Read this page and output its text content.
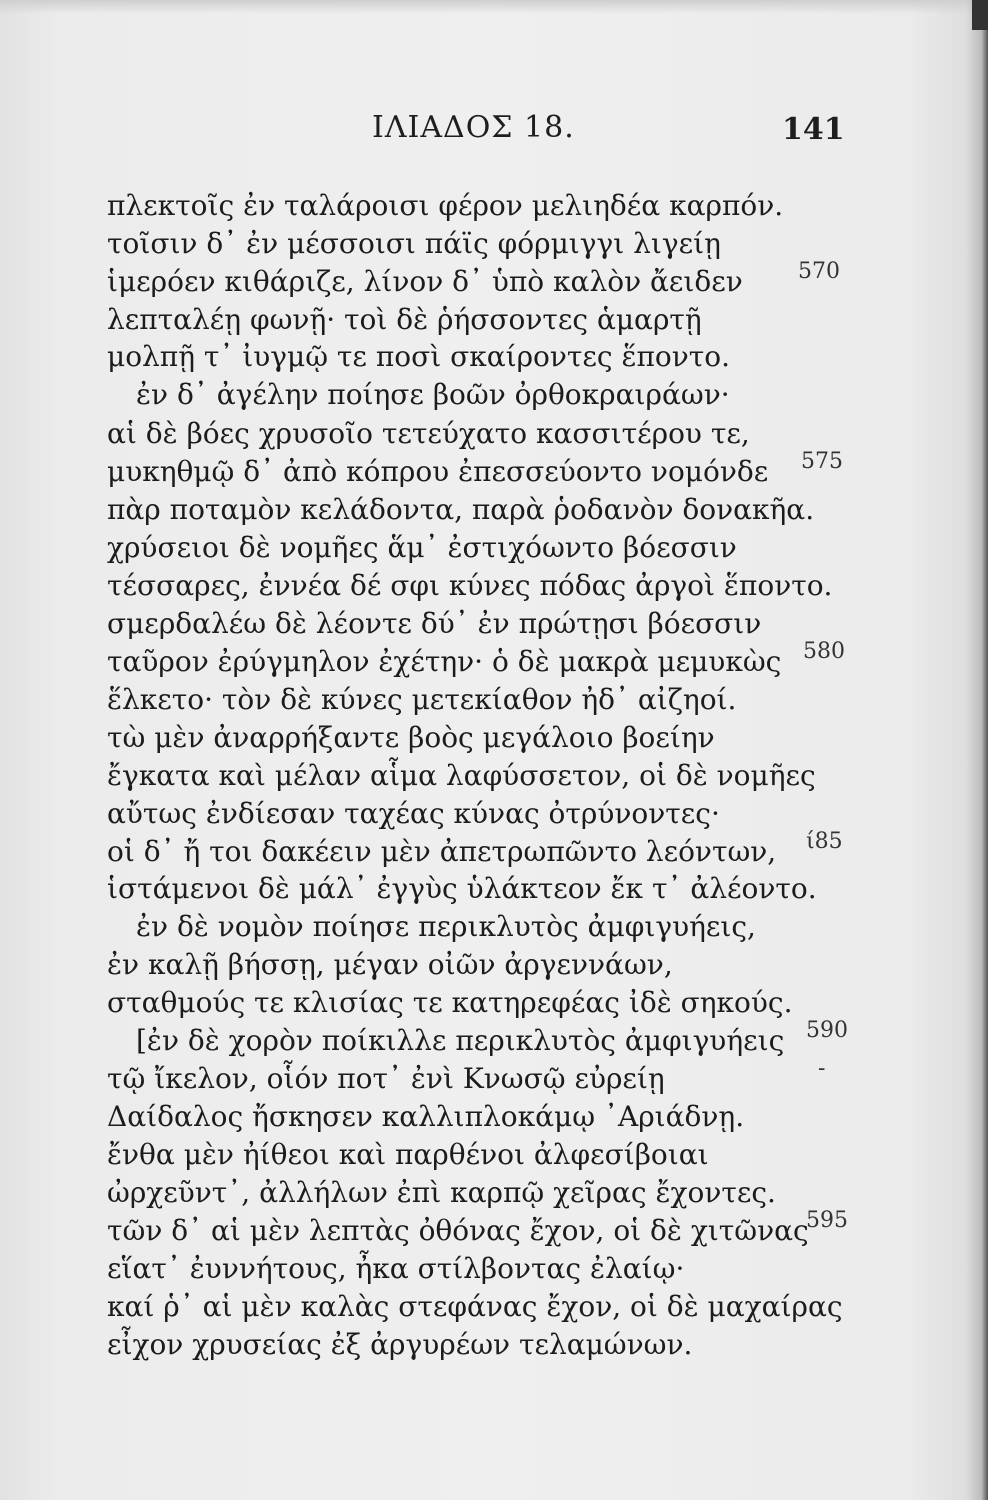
ΙΛΙΑΔΟΣ 18.	141
πλεκτοῖς ἐν ταλάροισι φέρον μελιηδέα καρπόν.
τοῖσιν δ᾽ ἐν μέσσοισι πάϊς φόρμιγγι λιγείῃ
ἱμερόεν κιθάριζε, λίνον δ᾽ ὑπὸ καλὸν ἄειδεν
λεπταλέῃ φωνῇ· τοὶ δὲ ῥήσσοντες ἁμαρτῇ
μολπῇ τ᾽ ἰυγμῷ τε ποσὶ σκαίροντες ἕποντο.
ἐν δ᾽ ἀγέλην ποίησε βοῶν ὀρθοκραιράων·
αἱ δὲ βόες χρυσοῖο τετεύχατο κασσιτέρου τε,
μυκηθμῷ δ᾽ ἀπὸ κόπρου ἐπεσσεύοντο νομόνδε
πὰρ ποταμὸν κελάδοντα, παρὰ ῥοδανὸν δονακῆα.
χρύσειοι δὲ νομῆες ἅμ᾽ ἐστιχόωντο βόεσσιν
τέσσαρες, ἐννέα δέ σφι κύνες πόδας ἀργοὶ ἕποντο.
σμερδαλέω δὲ λέοντε δύ᾽ ἐν πρώτῃσι βόεσσιν
ταῦρον ἐρύγμηλον ἐχέτην· ὁ δὲ μακρὰ μεμυκὼς
ἕλκετο· τὸν δὲ κύνες μετεκίαθον ἠδ᾽ αἰζηοί.
τὼ μὲν ἀναρρήξαντε βοὸς μεγάλοιο βοείην
ἔγκατα καὶ μέλαν αἷμα λαφύσσετον, οἱ δὲ νομῆες
αὔτως ἐνδίεσαν ταχέας κύνας ὀτρύνοντες·
οἱ δ᾽ ἤ τοι δακέειν μὲν ἀπετρωπῶντο λεόντων,
ἱστάμενοι δὲ μάλ᾽ ἐγγὺς ὑλάκτεον ἔκ τ᾽ ἀλέοντο.
ἐν δὲ νομὸν ποίησε περικλυτὸς ἀμφιγυήεις,
ἐν καλῇ βήσσῃ, μέγαν οἰῶν ἀργεννάων,
σταθμούς τε κλισίας τε κατηρεφέας ἰδὲ σηκούς.
[ἐν δὲ χορὸν ποίκιλλε περικλυτὸς ἀμφιγυήεις
τῷ ἴκελον, οἷόν ποτ᾽ ἐνὶ Κνωσῷ εὐρείῃ
Δαίδαλος ἤσκησεν καλλιπλοκάμῳ ᾽Αριάδνῃ.
ἔνθα μὲν ἠίθεοι καὶ παρθένοι ἀλφεσίβοιαι
ὠρχεῦντ᾽, ἀλλήλων ἐπὶ καρπῷ χεῖρας ἔχοντες.
τῶν δ᾽ αἱ μὲν λεπτὰς ὀθόνας ἔχον, οἱ δὲ χιτῶνας
εἵατ᾽ ἐυννήτους, ἦκα στίλβοντας ἐλαίῳ·
καί ῥ᾽ αἱ μὲν καλὰς στεφάνας ἔχον, οἱ δὲ μαχαίρας
εἶχον χρυσείας ἐξ ἀργυρέων τελαμώνων.
570
575
580
ί85
590
-
595
